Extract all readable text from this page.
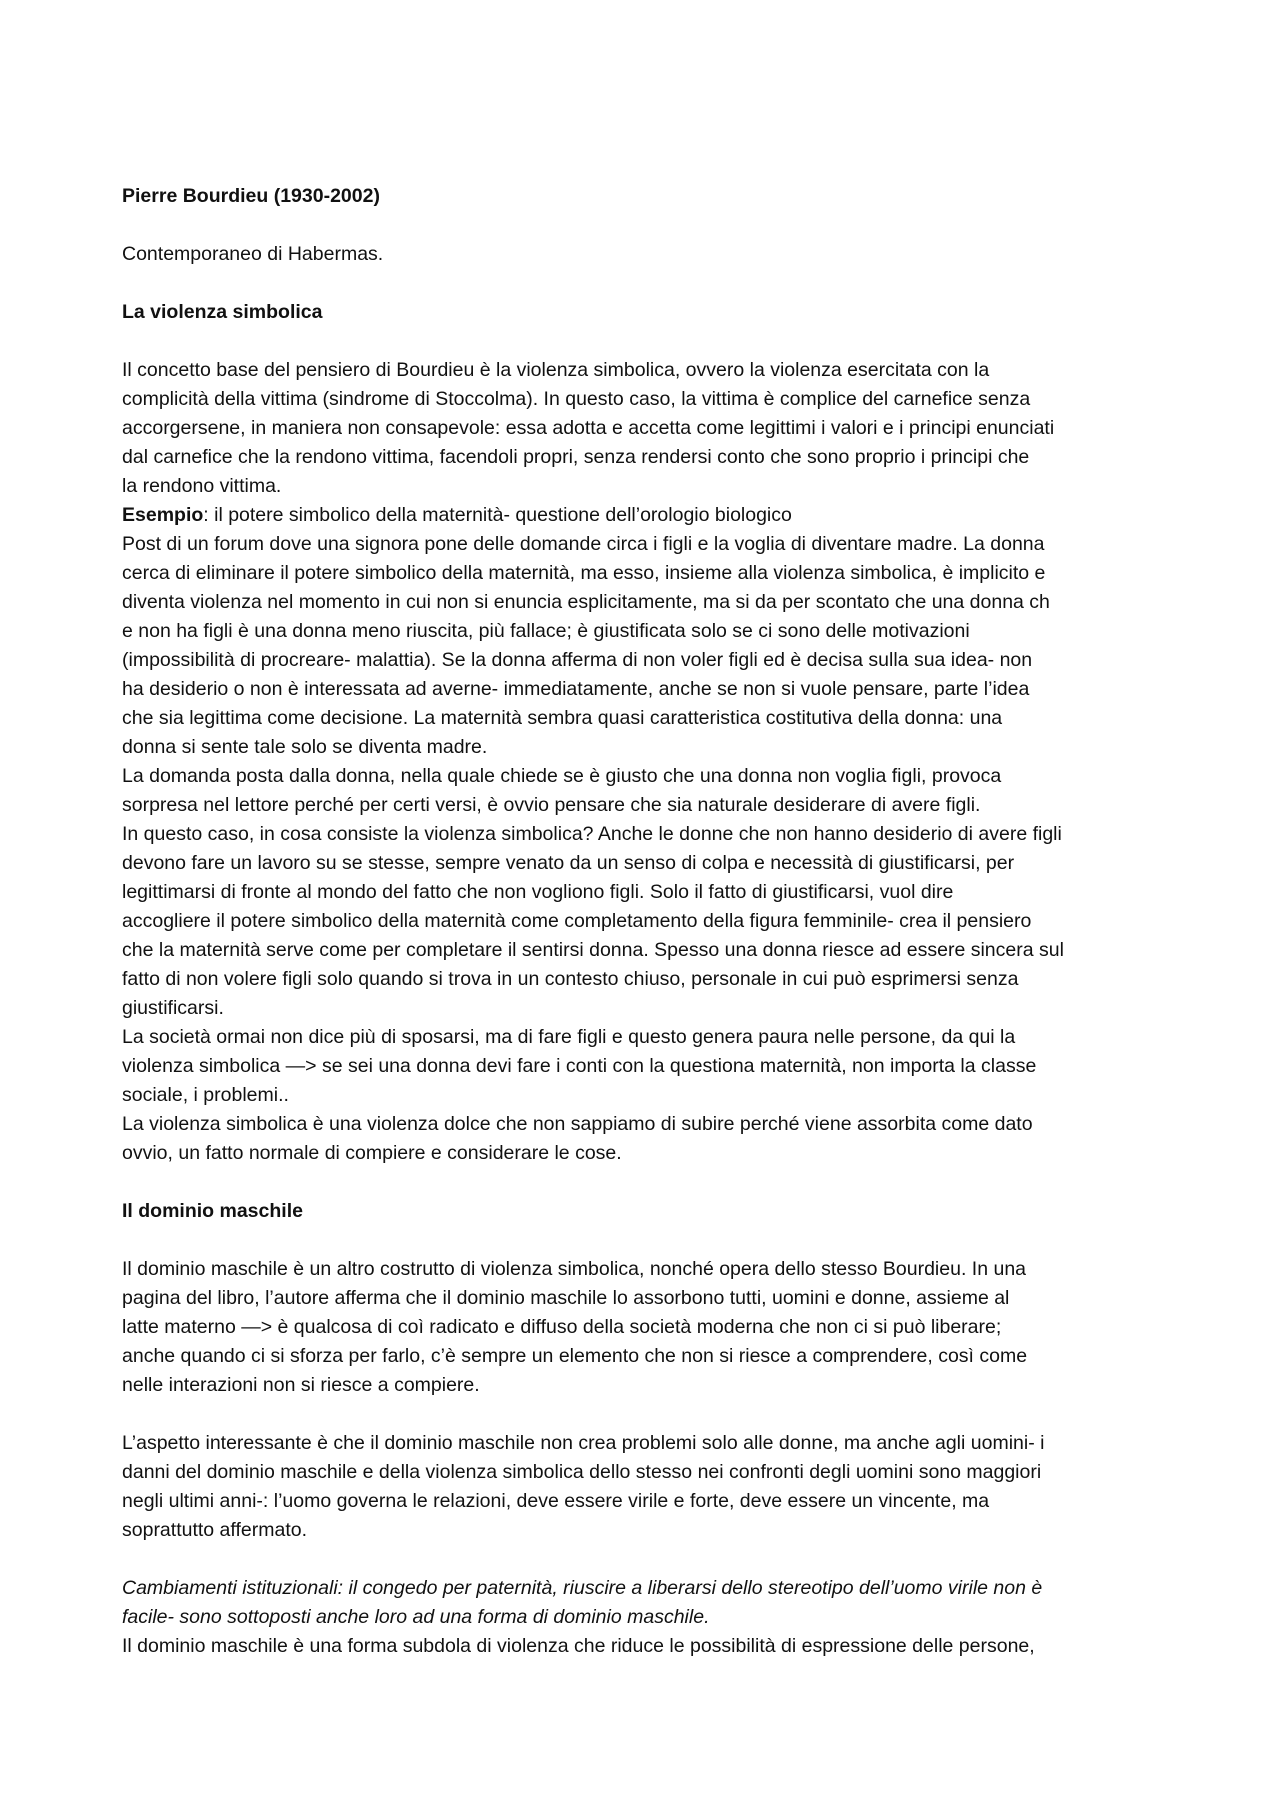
Pierre Bourdieu (1930-2002)

Contemporaneo di Habermas.

La violenza simbolica

Il concetto base del pensiero di Bourdieu è la violenza simbolica, ovvero la violenza esercitata con la
complicità della vittima (sindrome di Stoccolma). In questo caso, la vittima è complice del carnefice senza
accorgersene, in maniera non consapevole: essa adotta e accetta come legittimi i valori e i principi enunciati
dal carnefice che la rendono vittima, facendoli propri, senza rendersi conto che sono proprio i principi che
la rendono vittima.

Esempio: il potere simbolico della maternità- questione dell’orologio biologico

Post di un forum dove una signora pone delle domande circa i figli e la voglia di diventare madre. La donna
cerca di eliminare il potere simbolico della maternità, ma esso, insieme alla violenza simbolica, è implicito e
diventa violenza nel momento in cui non si enuncia esplicitamente, ma si da per scontato che una donna ch
e non ha figli è una donna meno riuscita, più fallace; è giustificata solo se ci sono delle motivazioni
(impossibilità di procreare- malattia). Se la donna afferma di non voler figli ed è decisa sulla sua idea- non
ha desiderio o non è interessata ad averne- immediatamente, anche se non si vuole pensare, parte l’idea
che sia legittima come decisione. La maternità sembra quasi caratteristica costitutiva della donna: una
donna si sente tale solo se diventa madre.

La domanda posta dalla donna, nella quale chiede se è giusto che una donna non voglia figli, provoca
sorpresa nel lettore perché per certi versi, è ovvio pensare che sia naturale desiderare di avere figli.

In questo caso, in cosa consiste la violenza simbolica? Anche le donne che non hanno desiderio di avere figli
devono fare un lavoro su se stesse, sempre venato da un senso di colpa e necessità di giustificarsi, per
legittimarsi di fronte al mondo del fatto che non vogliono figli. Solo il fatto di giustificarsi, vuol dire
accogliere il potere simbolico della maternità come completamento della figura femminile- crea il pensiero
che la maternità serve come per completare il sentirsi donna. Spesso una donna riesce ad essere sincera sul
fatto di non volere figli solo quando si trova in un contesto chiuso, personale in cui può esprimersi senza
giustificarsi.

La società ormai non dice più di sposarsi, ma di fare figli e questo genera paura nelle persone, da qui la
violenza simbolica —> se sei una donna devi fare i conti con la questiona maternità, non importa la classe
sociale, i problemi..

La violenza simbolica è una violenza dolce che non sappiamo di subire perché viene assorbita come dato
ovvio, un fatto normale di compiere e considerare le cose.

Il dominio maschile

Il dominio maschile è un altro costrutto di violenza simbolica, nonché opera dello stesso Bourdieu. In una
pagina del libro, l’autore afferma che il dominio maschile lo assorbono tutti, uomini e donne, assieme al
latte materno —> è qualcosa di coì radicato e diffuso della società moderna che non ci si può liberare;
anche quando ci si sforza per farlo, c’è sempre un elemento che non si riesce a comprendere, così come
nelle interazioni non si riesce a compiere.

L’aspetto interessante è che il dominio maschile non crea problemi solo alle donne, ma anche agli uomini- i
danni del dominio maschile e della violenza simbolica dello stesso nei confronti degli uomini sono maggiori
negli ultimi anni-: l’uomo governa le relazioni, deve essere virile e forte, deve essere un vincente, ma
soprattutto affermato.

Cambiamenti istituzionali: il congedo per paternità, riuscire a liberarsi dello stereotipo dell’uomo virile non è
facile- sono sottoposti anche loro ad una forma di dominio maschile.

Il dominio maschile è una forma subdola di violenza che riduce le possibilità di espressione delle persone,
